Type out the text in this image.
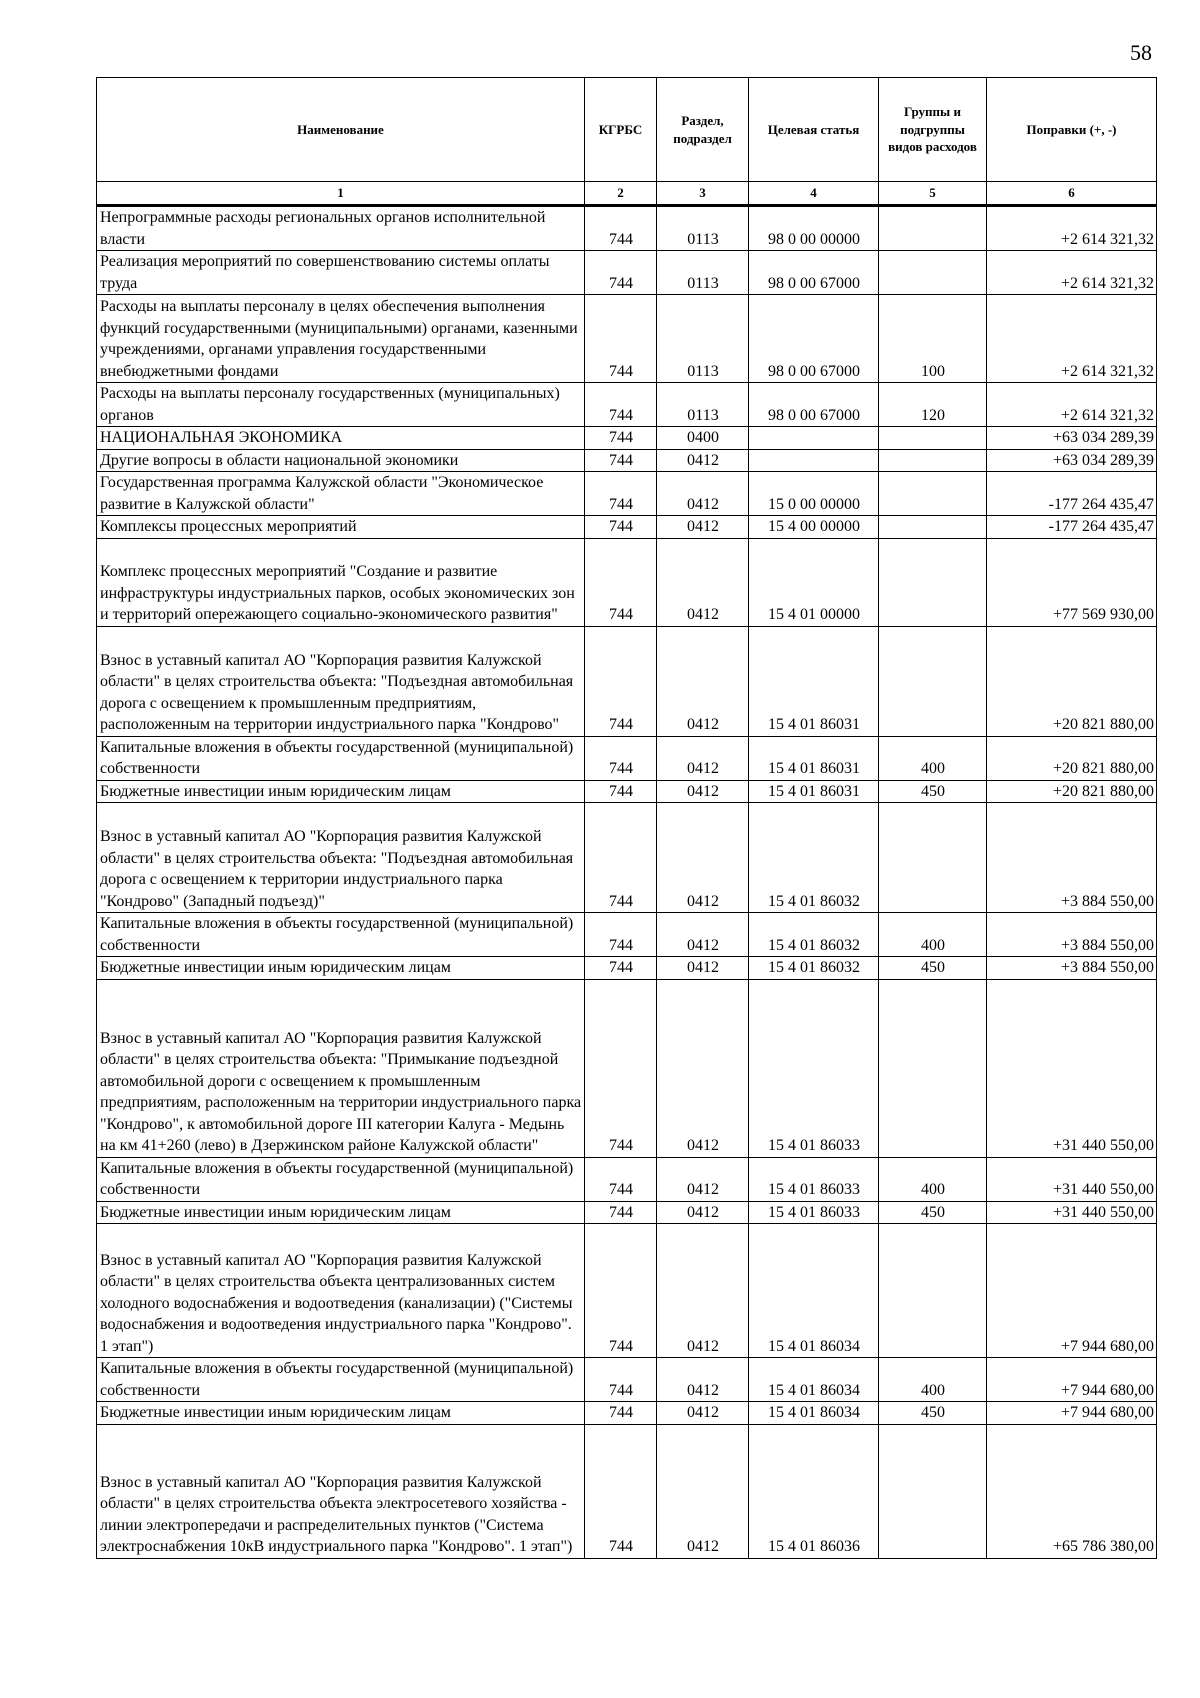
58
Наименование	КГРБС	Раздел, подраздел	Целевая статья	Группы и подгруппы видов расходов	Поправки (+, -)
1	2	3	4	5	6
Непрограммные расходы региональных органов исполнительной власти	744	0113	98 0 00 00000		+2 614 321,32
Реализация мероприятий по совершенствованию системы оплаты труда	744	0113	98 0 00 67000		+2 614 321,32
Расходы на выплаты персоналу в целях обеспечения выполнения функций государственными (муниципальными) органами, казенными учреждениями, органами управления государственными внебюджетными фондами	744	0113	98 0 00 67000	100	+2 614 321,32
Расходы на выплаты персоналу государственных (муниципальных) органов	744	0113	98 0 00 67000	120	+2 614 321,32
НАЦИОНАЛЬНАЯ ЭКОНОМИКА	744	0400			+63 034 289,39
Другие вопросы в области национальной экономики	744	0412			+63 034 289,39
Государственная программа Калужской области "Экономическое развитие в Калужской области"	744	0412	15 0 00 00000		-177 264 435,47
Комплексы процессных мероприятий	744	0412	15 4 00 00000		-177 264 435,47
Комплекс процессных мероприятий "Создание и развитие инфраструктуры индустриальных парков, особых экономических зон и территорий опережающего социально-экономического развития"	744	0412	15 4 01 00000		+77 569 930,00
Взнос в уставный капитал АО "Корпорация развития Калужской области" в целях строительства объекта: "Подъездная автомобильная дорога с освещением к промышленным предприятиям, расположенным на территории индустриального парка "Кондрово"	744	0412	15 4 01 86031		+20 821 880,00
Капитальные вложения в объекты государственной (муниципальной) собственности	744	0412	15 4 01 86031	400	+20 821 880,00
Бюджетные инвестиции иным юридическим лицам	744	0412	15 4 01 86031	450	+20 821 880,00
Взнос в уставный капитал АО "Корпорация развития Калужской области" в целях строительства объекта: "Подъездная автомобильная дорога с освещением к территории индустриального парка "Кондрово" (Западный подъезд)"	744	0412	15 4 01 86032		+3 884 550,00
Капитальные вложения в объекты государственной (муниципальной) собственности	744	0412	15 4 01 86032	400	+3 884 550,00
Бюджетные инвестиции иным юридическим лицам	744	0412	15 4 01 86032	450	+3 884 550,00
Взнос в уставный капитал АО "Корпорация развития Калужской области" в целях строительства объекта: "Примыкание подъездной автомобильной дороги с освещением к промышленным предприятиям, расположенным на территории индустриального парка "Кондрово", к автомобильной дороге III категории Калуга - Медынь на км 41+260 (лево) в Дзержинском районе Калужской области"	744	0412	15 4 01 86033		+31 440 550,00
Капитальные вложения в объекты государственной (муниципальной) собственности	744	0412	15 4 01 86033	400	+31 440 550,00
Бюджетные инвестиции иным юридическим лицам	744	0412	15 4 01 86033	450	+31 440 550,00
Взнос в уставный капитал АО "Корпорация развития Калужской области" в целях строительства объекта централизованных систем холодного водоснабжения и водоотведения (канализации) ("Системы водоснабжения и водоотведения индустриального парка "Кондрово". 1 этап")	744	0412	15 4 01 86034		+7 944 680,00
Капитальные вложения в объекты государственной (муниципальной) собственности	744	0412	15 4 01 86034	400	+7 944 680,00
Бюджетные инвестиции иным юридическим лицам	744	0412	15 4 01 86034	450	+7 944 680,00
Взнос в уставный капитал АО "Корпорация развития Калужской области" в целях строительства объекта электросетевого хозяйства - линии электропередачи и распределительных пунктов ("Система электроснабжения 10кВ индустриального парка "Кондрово". 1 этап")	744	0412	15 4 01 86036		+65 786 380,00
